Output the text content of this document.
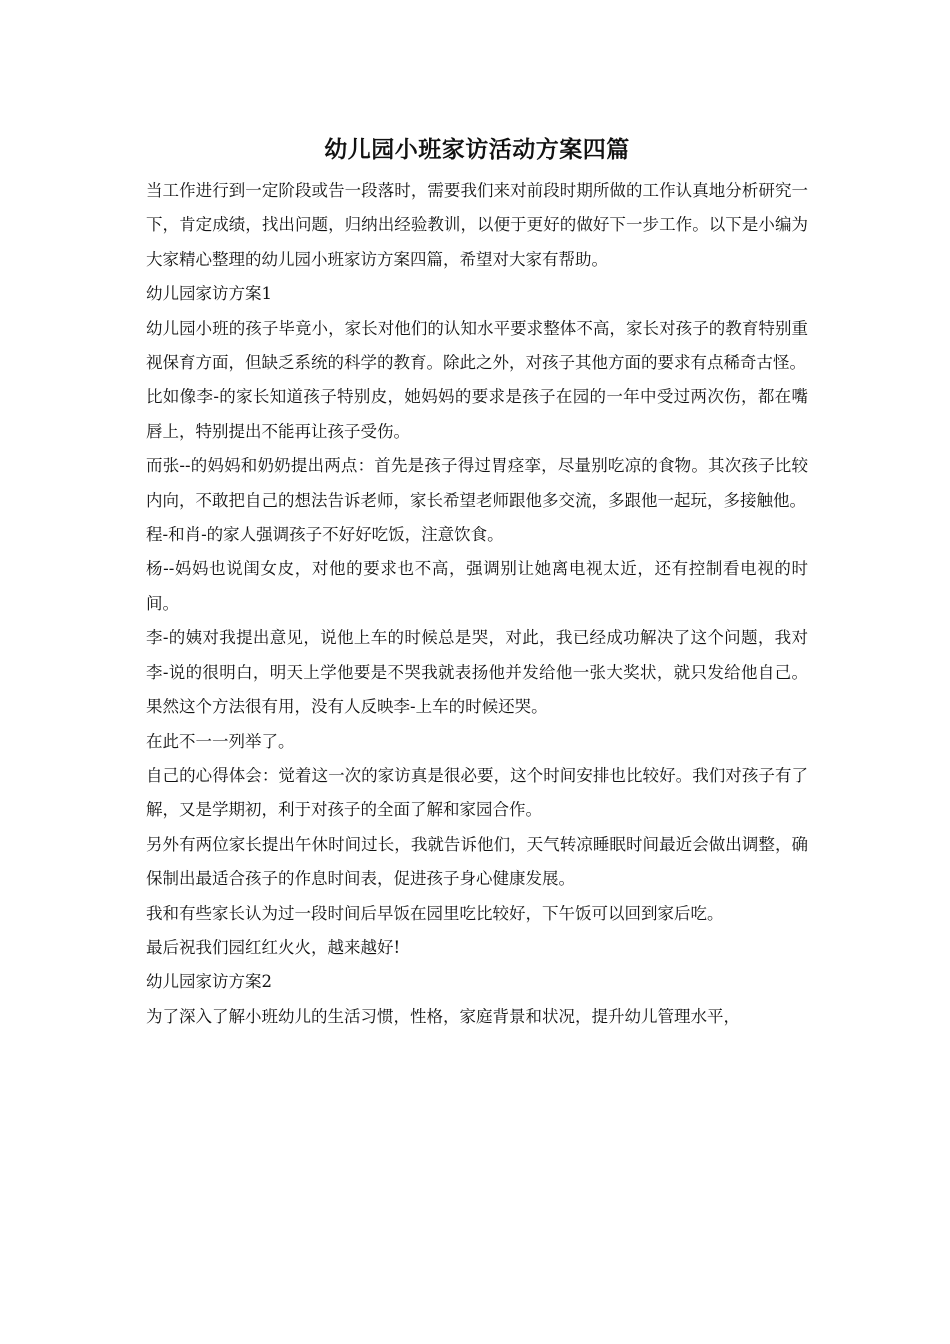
幼儿园小班家访活动方案四篇

当工作进行到一定阶段或告一段落时，需要我们来对前段时期所做的工作认真地分析研究一下，肯定成绩，找出问题，归纳出经验教训，以便于更好的做好下一步工作。以下是小编为大家精心整理的幼儿园小班家访方案四篇，希望对大家有帮助。

幼儿园家访方案1

幼儿园小班的孩子毕竟小，家长对他们的认知水平要求整体不高，家长对孩子的教育特别重视保育方面，但缺乏系统的科学的教育。除此之外，对孩子其他方面的要求有点稀奇古怪。

比如像李-的家长知道孩子特别皮，她妈妈的要求是孩子在园的一年中受过两次伤，都在嘴唇上，特别提出不能再让孩子受伤。

而张--的妈妈和奶奶提出两点：首先是孩子得过胃痉挛，尽量别吃凉的食物。其次孩子比较内向，不敢把自己的想法告诉老师，家长希望老师跟他多交流，多跟他一起玩，多接触他。

程-和肖-的家人强调孩子不好好吃饭，注意饮食。

杨--妈妈也说闺女皮，对他的要求也不高，强调别让她离电视太近，还有控制看电视的时间。

李-的姨对我提出意见，说他上车的时候总是哭，对此，我已经成功解决了这个问题，我对李-说的很明白，明天上学他要是不哭我就表扬他并发给他一张大奖状，就只发给他自己。果然这个方法很有用，没有人反映李-上车的时候还哭。

在此不一一列举了。

自己的心得体会：觉着这一次的家访真是很必要，这个时间安排也比较好。我们对孩子有了解，又是学期初，利于对孩子的全面了解和家园合作。

另外有两位家长提出午休时间过长，我就告诉他们，天气转凉睡眠时间最近会做出调整，确保制出最适合孩子的作息时间表，促进孩子身心健康发展。

我和有些家长认为过一段时间后早饭在园里吃比较好，下午饭可以回到家后吃。

最后祝我们园红红火火，越来越好!

幼儿园家访方案2

为了深入了解小班幼儿的生活习惯，性格，家庭背景和状况，提升幼儿管理水平，
